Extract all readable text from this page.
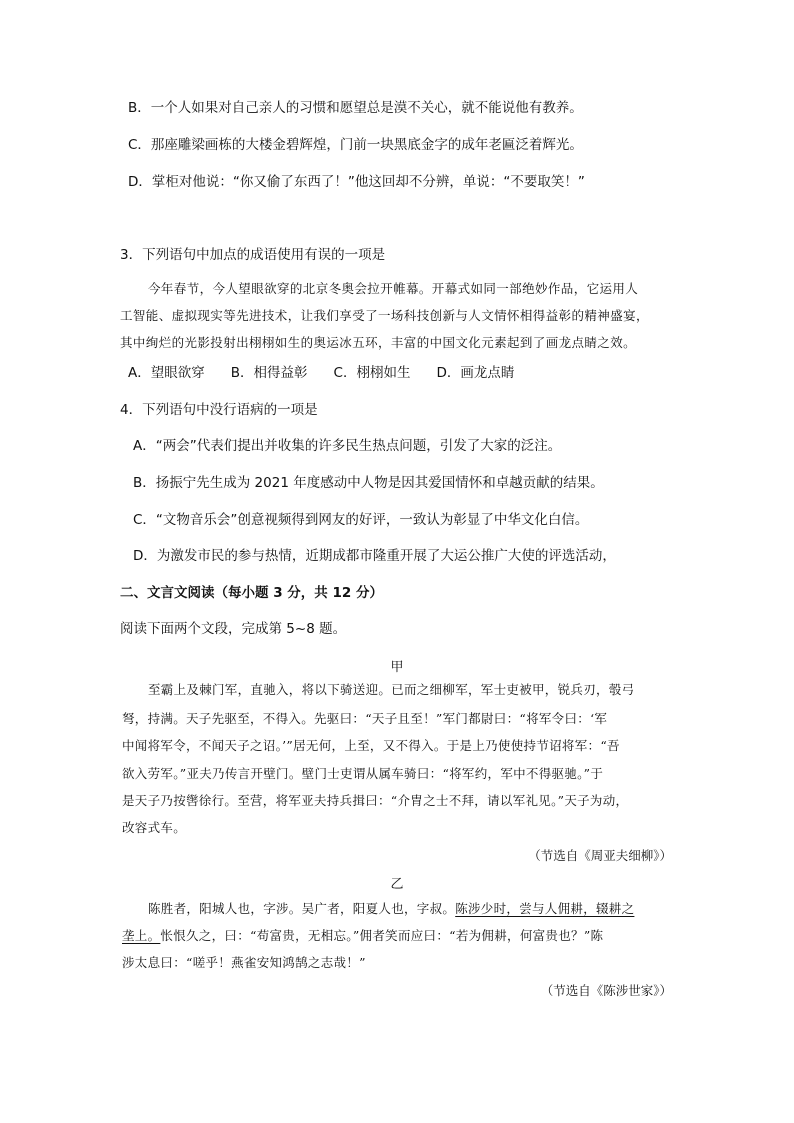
B．一个人如果对自己亲人的习惯和愿望总是漠不关心，就不能说他有教养。
C．那座雕梁画栋的大楼金碧辉煌，门前一块黑底金字的成年老匾泛着辉光。
D．掌柜对他说：“你又偷了东西了！”他这回却不分辨，单说：“不要取笑！”
3．下列语句中加点的成语使用有误的一项是
今年春节，今人望眼欲穿的北京冬奥会拉开帷幕。开幕式如同一部绝妙作品，它运用人
工智能、虚拟现实等先进技术，让我们享受了一场科技创新与人文情怀相得益彰的精神盛宴，
其中绚烂的光影投射出栩栩如生的奥运冰五环，丰富的中国文化元素起到了画龙点睛之效。
A．望眼欲穿 B．相得益彰 C．栩栩如生 D．画龙点睛
4．下列语句中没行语病的一项是
A．“两会”代表们提出并收集的许多民生热点问题，引发了大家的泛注。
B．扬振宁先生成为 2021 年度感动中人物是因其爱国情怀和卓越贡献的结果。
C．“文物音乐会”创意视频得到网友的好评，一致认为彰显了中华文化白信。
D．为激发市民的参与热情，近期成都市隆重开展了大运公推广大使的评选活动，
二、文言文阅读（每小题 3 分，共 12 分）
阅读下面两个文段，完成第 5~8 题。
甲
至霸上及棘门军，直驰入，将以下骑送迎。已而之细柳军，军士吏被甲，锐兵刃，彀弓
弩，持满。天子先驱至，不得入。先驱曰：“天子且至！”军门都尉曰：“将军令曰：‘军
中闻将军令，不闻天子之诏。’”居无何，上至，又不得入。于是上乃使使持节诏将军：“吾
欲入劳军。”亚夫乃传言开壁门。壁门士吏谓从属车骑曰：“将军约，军中不得驱驰。”于
是天子乃按辔徐行。至营，将军亚夫持兵揖曰：“介胄之士不拜，请以军礼见。”天子为动，
改容式车。
（节选自《周亚夫细柳》）
乙
陈胜者，阳城人也，字涉。吴广者，阳夏人也，字叔。陈涉少时，尝与人佣耕，辍耕之
垄上。怅恨久之，曰：“苟富贵，无相忘。”佣者笑而应曰：“若为佣耕，何富贵也？”陈
涉太息曰：“嗟乎！燕雀安知鸿鹄之志哉！”
（节选自《陈涉世家》）
